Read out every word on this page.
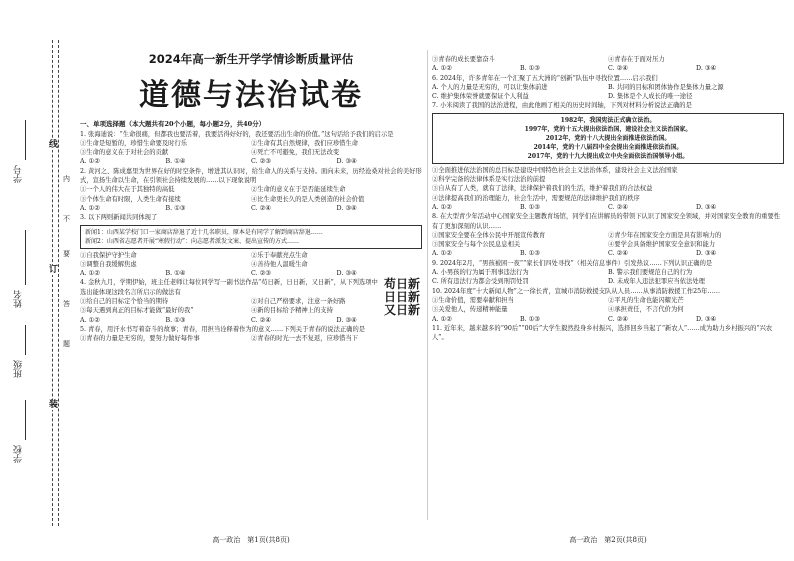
线
订
装
内
不
要
答
题
学号
姓名
班级
学校
2024年高一新生开学学情诊断质量评估
道德与法治试卷
一、单项选择题（本大题共有20个小题，每小题2分，共40分）
1. 张海迪说：“生命很痛，但都我也要活着，我要活得好好的，我还要活出生命的价值。”这句话给予我们的启示是
①生命是短暂的，珍惜生命要及时行乐	②生命有其自然规律，我们应珍惜生命
③生命的意义在于对社会的贡献	④死亡不可避免，我们无法改变
A. ①②	B. ①④	C. ②③	D. ③④
2. 黄河之、陈成嘉里为世界在好的时空条件，增进其认识时，给生命人的关系与支持。面向未来，历经沧桑对社会的美好形式，宣扬生命以生命，在引领社会持续发展的……以下现象说明
①一个人的伟大在于其独特的高低	②生命的意义在于是否能延续生命
③个体生命有时限，人类生命有接续	④比生命更长久的是人类创造的社会价值
A. ①②	B. ①③	C. ②④	D. ③④
3. 以下两则新闻共同体现了
新闻1：山西某学校门口一家商店辞退了近十几名职员，原本是有同学了解到商店辞退……
新闻2：山西省志愿者开展“寒假行动”：向志愿者派发文案、提出宣传的方式……
①自我保护守护生命	②乐于奉献亮点生命
③调整自我缓解焦虑	④善待他人温暖生命
A. ①②	B. ①④	C. ②③	D. ③④
4. 金秋九月，学期伊始，班主任老师让每位同学写一副书法作品“苟日新，日日新，又日新”，从下列选项中选出能体现这段名言所启示的做法有
苟日新 日日新 又日新
①给自己的目标定个恰当的期待	②对自己严格要求，注意一条好路
③每天遇到真正的目标才能做“最好的我”	④新的目标给予精神上的支持
A. ①②	B. ①③	C. ②④	D. ③④
5. 青春，用汗水书写着奋斗的故事；青春，用担当诠释着作为的意义……下列关于青春的说法正确的是
①青春的力量是无穷的，要努力做好每件事	②青春的时光一去不复返，应珍惜当下
高一政治　第1页(共8页)
③青春的成长要靠奋斗	④青春在于面对压力
A. ①②	B. ①③	C. ②④	D. ③④
6. 2024年，许多青年在一个汇聚了五大洲的“创新”队伍中寻找位置……启示我们
A. 个人的力量是无穷的，可以让集体前进	B. 共同的目标和团体协作是集体力量之源
C. 维护集体荣誉就要保证个人利益	D. 集体是个人成长的唯一途径
7. 小米阅读了我国的法治进程，由此他画了相关的历史时间轴，下列对材料分析说法正确的是
1982年，我国宪法正式确立法治。
1997年，党的十五大提出依法治国，建设社会主义法治国家。
2012年，党的十八大提出全面推进依法治国。
2014年，党的十八届四中全会提出全面推进依法治国。
2017年，党的十九大提出成立中央全面依法治国领导小组。
①全面推进依法治国的总目标是建设中国特色社会主义法治体系，建设社会主义法治国家
②科学完备的法律体系是实行法治的前提
③自从有了人类，就有了法律，法律保护着我们的生活，维护着我们的合法权益
④法律提高我们的治理能力，社会生活中，需要规范的法律维护我们的秩序
A. ①②	B. ①③	C. ②④	D. ③④
8. 在大型青少年活动中心国家安全主题教育场馆，同学们在讲解员的带领下认识了国家安全领域，并对国家安全教育的重要性有了更加深刻的认识……
①国家安全要在全体公民中开展宣传教育	②青少年在国家安全方面是具有影响力的
③国家安全与每个公民息息相关	④要学会具备维护国家安全意识和能力
A. ①②	B. ①③	C. ②④	D. ③④
9. 2024年2月，“男孩被困一夜”“家长们四处寻找”（相关信息事件）引发热议……下列认识正确的是
A. 小男孩的行为属于刑事违法行为	B. 警示我们要规范自己的行为
C. 所有违法行为都会受到刑罚处罚	D. 未成年人违法犯罪应当依法处理
10. 2024年度“十大新闻人物”之一徐长青，宣城市消防救援支队从人员……从事消防救援工作25年……
①生命价值，需要奉献和担当	②平凡的生命也能闪耀光芒
③关爱他人，传递精神能量	④承担责任，不言代价为何
A. ①②	B. ①③	C. ②④	D. ③④
11. 近年来，越来越多的“90后”“00后”大学生毅然投身乡村振兴，选择回乡当起了“新农人”……成为助力乡村振兴的“兴农人”。
高一政治　第2页(共8页)
